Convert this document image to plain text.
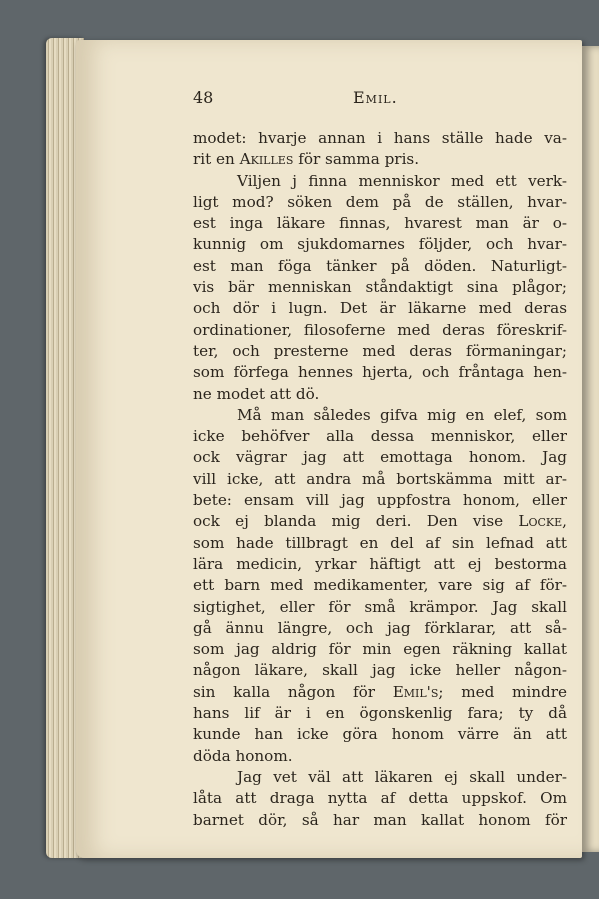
48	Emil.
modet: hvarje annan i hans ställe hade va-
rit en Akilles för samma pris.
Viljen j finna menniskor med ett verk-
ligt mod? söken dem på de ställen, hvar-
est inga läkare finnas, hvarest man är o-
kunnig om sjukdomarnes följder, och hvar-
est man föga tänker på döden. Naturligt-
vis bär menniskan ståndaktigt sina plågor;
och dör i lugn. Det är läkarne med deras
ordinationer, filosoferne med deras föreskrif-
ter, och presterne med deras förmaningar;
som förfega hennes hjerta, och fråntaga hen-
ne modet att dö.
Må man således gifva mig en elef, som
icke behöfver alla dessa menniskor, eller
ock vägrar jag att emottaga honom. Jag
vill icke, att andra må bortskämma mitt ar-
bete: ensam vill jag uppfostra honom, eller
ock ej blanda mig deri. Den vise Locke,
som hade tillbragt en del af sin lefnad att
lära medicin, yrkar häftigt att ej bestorma
ett barn med medikamenter, vare sig af för-
sigtighet, eller för små krämpor. Jag skall
gå ännu längre, och jag förklarar, att så-
som jag aldrig för min egen räkning kallat
någon läkare, skall jag icke heller någon-
sin kalla någon för Emil's; med mindre
hans lif är i en ögonskenlig fara; ty då
kunde han icke göra honom värre än att
döda honom.
Jag vet väl att läkaren ej skall under-
låta att draga nytta af detta uppskof. Om
barnet dör, så har man kallat honom för
